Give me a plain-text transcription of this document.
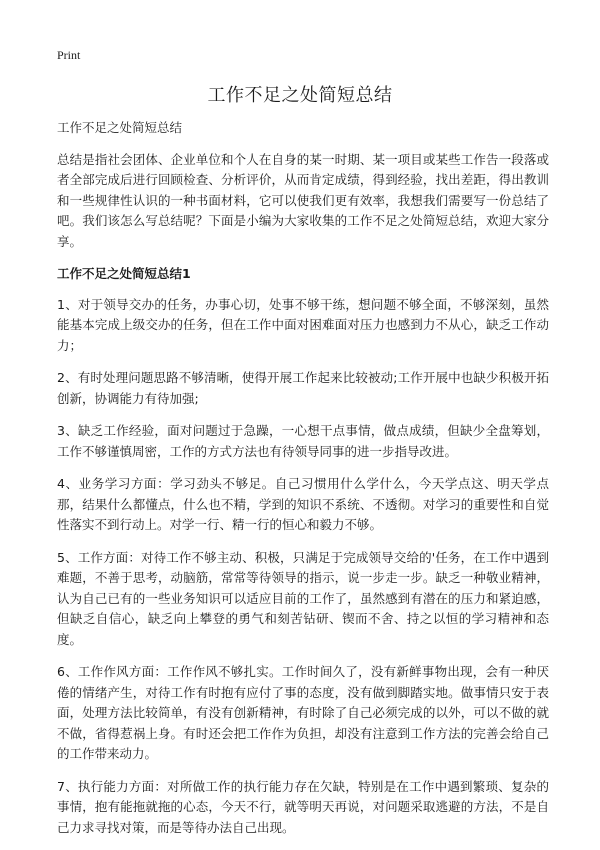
Print
工作不足之处简短总结

工作不足之处简短总结

总结是指社会团体、企业单位和个人在自身的某一时期、某一项目或某些工作告一段落或者全部完成后进行回顾检查、分析评价，从而肯定成绩，得到经验，找出差距，得出教训和一些规律性认识的一种书面材料，它可以使我们更有效率，我想我们需要写一份总结了吧。我们该怎么写总结呢？下面是小编为大家收集的工作不足之处简短总结，欢迎大家分享。

工作不足之处简短总结1

1、对于领导交办的任务，办事心切，处事不够干练，想问题不够全面，不够深刻，虽然能基本完成上级交办的任务，但在工作中面对困难面对压力也感到力不从心，缺乏工作动力；

2、有时处理问题思路不够清晰，使得开展工作起来比较被动;工作开展中也缺少积极开拓创新，协调能力有待加强;

3、缺乏工作经验，面对问题过于急躁，一心想干点事情，做点成绩，但缺少全盘筹划，工作不够谨慎周密，工作的方式方法也有待领导同事的进一步指导改进。

4、业务学习方面：学习劲头不够足。自己习惯用什么学什么，今天学点这、明天学点那，结果什么都懂点，什么也不精，学到的知识不系统、不透彻。对学习的重要性和自觉性落实不到行动上。对学一行、精一行的恒心和毅力不够。

5、工作方面：对待工作不够主动、积极，只满足于完成领导交给的'任务，在工作中遇到难题，不善于思考，动脑筋，常常等待领导的指示，说一步走一步。缺乏一种敬业精神，认为自己已有的一些业务知识可以适应目前的工作了，虽然感到有潜在的压力和紧迫感，但缺乏自信心，缺乏向上攀登的勇气和刻苦钻研、锲而不舍、持之以恒的学习精神和态度。

6、工作作风方面：工作作风不够扎实。工作时间久了，没有新鲜事物出现，会有一种厌倦的情绪产生，对待工作有时抱有应付了事的态度，没有做到脚踏实地。做事情只安于表面，处理方法比较简单，有没有创新精神，有时除了自己必须完成的以外，可以不做的就不做，省得惹祸上身。有时还会把工作作为负担，却没有注意到工作方法的完善会给自己的工作带来动力。

7、执行能力方面：对所做工作的执行能力存在欠缺，特别是在工作中遇到繁琐、复杂的事情，抱有能拖就拖的心态，今天不行，就等明天再说，对问题采取逃避的方法，不是自己力求寻找对策，而是等待办法自己出现。
